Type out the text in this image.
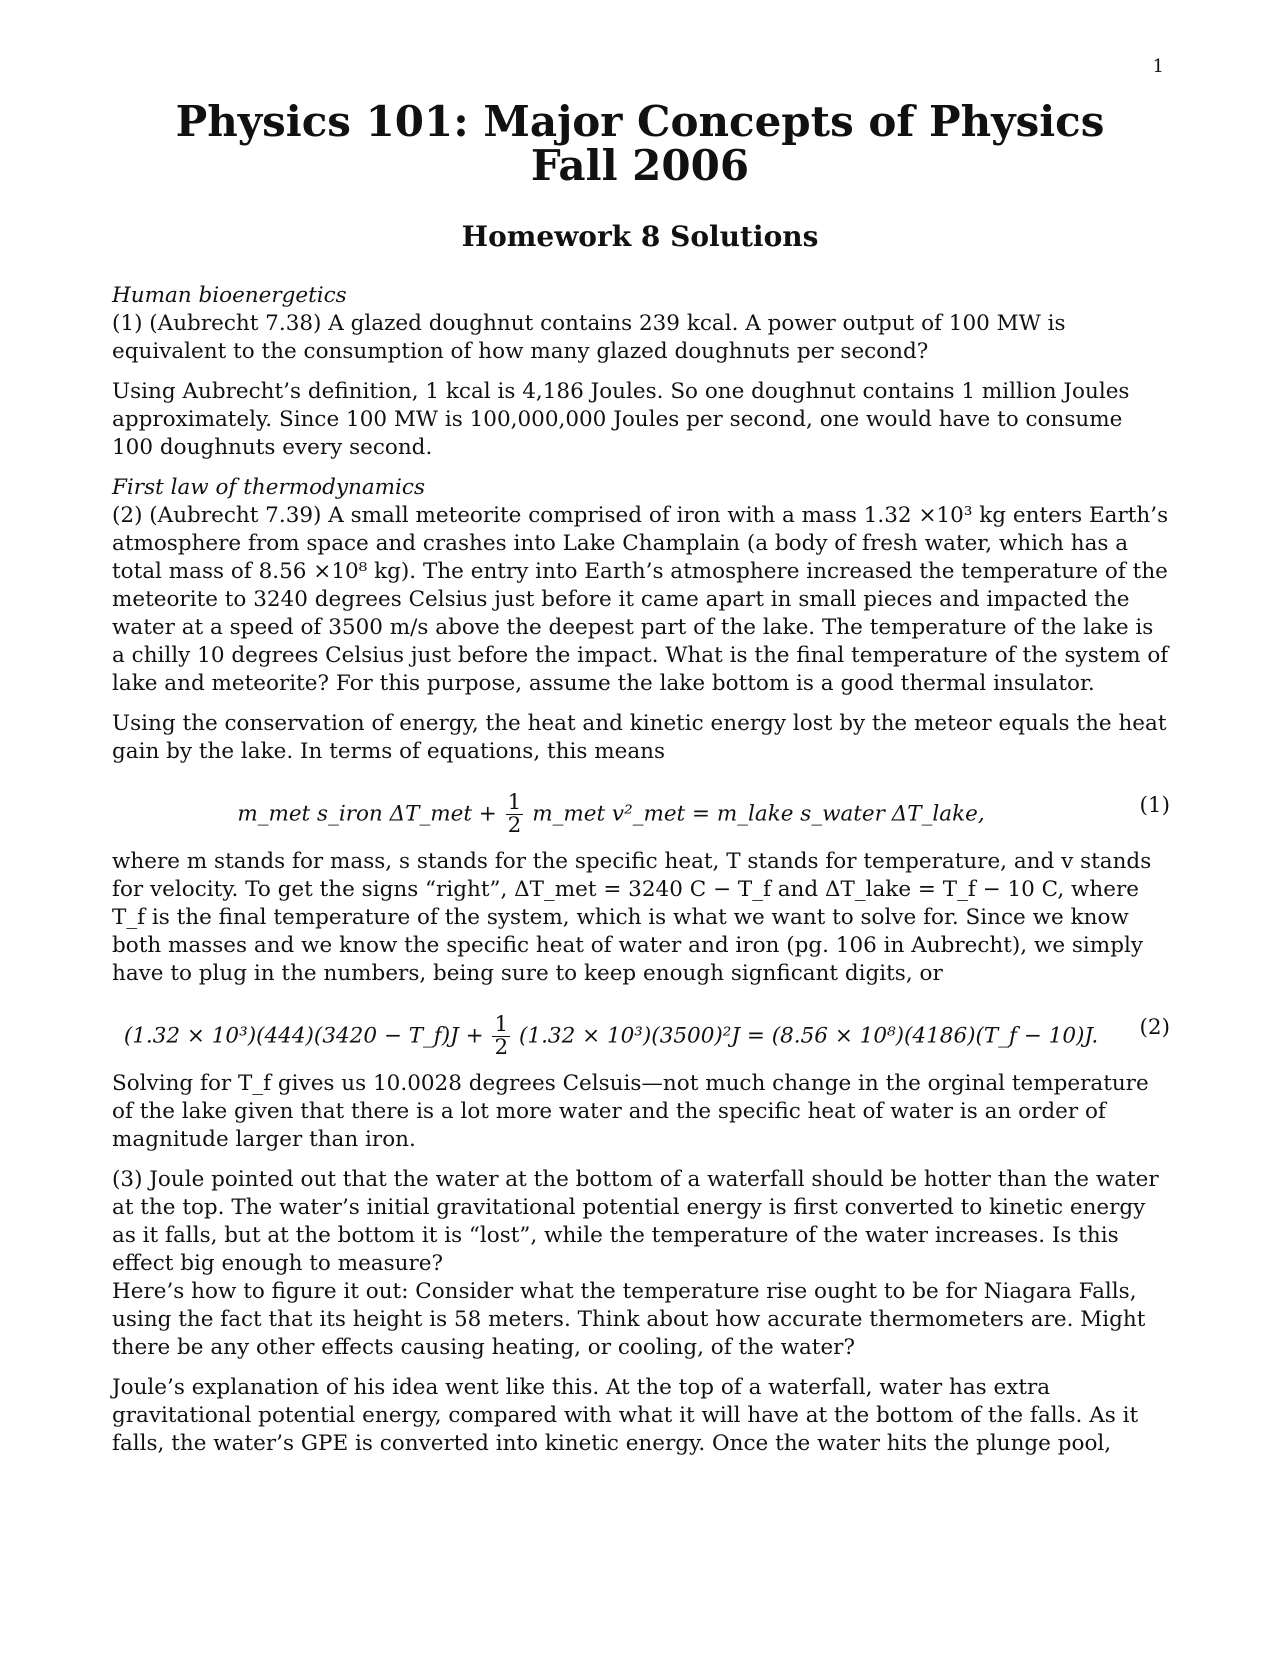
1

Physics 101: Major Concepts of Physics

Fall 2006

Homework 8 Solutions

Human bioenergetics
(1) (Aubrecht 7.38) A glazed doughnut contains 239 kcal. A power output of 100 MW is equivalent to the consumption of how many glazed doughnuts per second?

Using Aubrecht’s definition, 1 kcal is 4,186 Joules. So one doughnut contains 1 million Joules approximately. Since 100 MW is 100,000,000 Joules per second, one would have to consume 100 doughnuts every second.

First law of thermodynamics
(2) (Aubrecht 7.39) A small meteorite comprised of iron with a mass 1.32 ×10³ kg enters Earth’s atmosphere from space and crashes into Lake Champlain (a body of fresh water, which has a total mass of 8.56 ×10⁸ kg). The entry into Earth’s atmosphere increased the temperature of the meteorite to 3240 degrees Celsius just before it came apart in small pieces and impacted the water at a speed of 3500 m/s above the deepest part of the lake. The temperature of the lake is a chilly 10 degrees Celsius just before the impact. What is the final temperature of the system of lake and meteorite? For this purpose, assume the lake bottom is a good thermal insulator.

Using the conservation of energy, the heat and kinetic energy lost by the meteor equals the heat gain by the lake. In terms of equations, this means

m_met s_iron ΔT_met + $\frac{1}{2}$ m_met v²_met = m_lake s_water ΔT_lake,	(1)

where m stands for mass, s stands for the specific heat, T stands for temperature, and v stands for velocity. To get the signs “right”, ΔT_met = 3240 C − T_f and ΔT_lake = T_f − 10 C, where T_f is the final temperature of the system, which is what we want to solve for. Since we know both masses and we know the specific heat of water and iron (pg. 106 in Aubrecht), we simply have to plug in the numbers, being sure to keep enough signficant digits, or

(1.32 × 10³)(444)(3420 − T_f)J + $\frac{1}{2} (1.32 \times 10^3)(3500)^2J = (8.56$ × 10⁸)(4186)(T_f − 10)J.	(2)

Solving for T_f gives us 10.0028 degrees Celsuis—not much change in the orginal temperature of the lake given that there is a lot more water and the specific heat of water is an order of magnitude larger than iron.

(3) Joule pointed out that the water at the bottom of a waterfall should be hotter than the water at the top. The water’s initial gravitational potential energy is first converted to kinetic energy as it falls, but at the bottom it is “lost”, while the temperature of the water increases. Is this effect big enough to measure?
Here’s how to figure it out: Consider what the temperature rise ought to be for Niagara Falls, using the fact that its height is 58 meters. Think about how accurate thermometers are. Might there be any other effects causing heating, or cooling, of the water?

Joule’s explanation of his idea went like this. At the top of a waterfall, water has extra gravitational potential energy, compared with what it will have at the bottom of the falls. As it falls, the water’s GPE is converted into kinetic energy. Once the water hits the plunge pool,
